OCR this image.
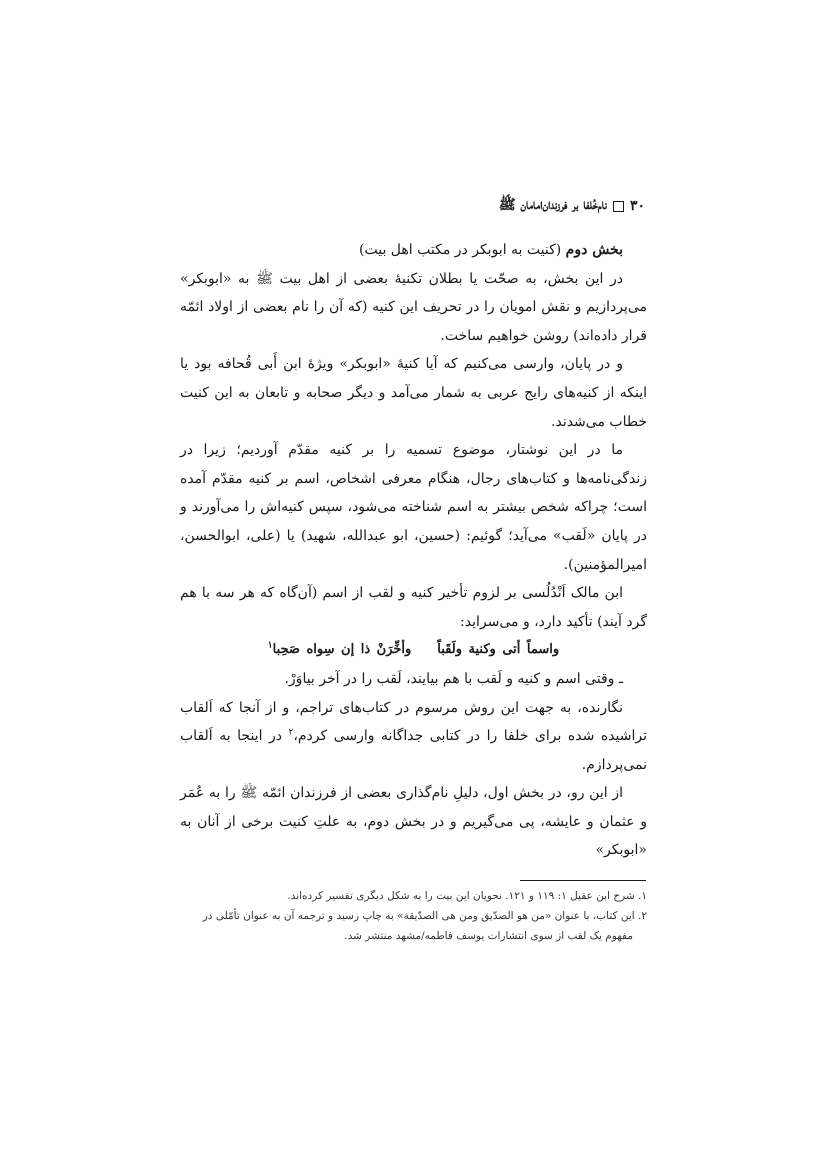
۳۰
نام‌خُلفا بر فرزندان‌امامان ﷺ

بخش دوم (کنیت به ابوبکر در مکتب اهل بیت)

در این بخش، به صحّت یا بطلان تکنیهٔ بعضی از اهل بیت ﷺ به «ابوبکر» می‌پردازیم و نقش امویان را در تحریف این کنیه (که آن را نام بعضی از اولاد ائمّه قرار داده‌اند) روشن خواهیم ساخت.

و در پایان، وارسی می‌کنیم که آیا کنیهٔ «ابوبکر» ویژهٔ ابن أَبی قُحافه بود یا اینکه از کنیه‌های رایج عربی به شمار می‌آمد و دیگر صحابه و تابعان به این کنیت خطاب می‌شدند.

ما در این نوشتار، موضوع تسمیه را بر کنیه مقدّم آوردیم؛ زیرا در زندگی‌نامه‌ها و کتاب‌های رجال، هنگام معرفی اشخاص، اسم بر کنیه مقدّم آمده است؛ چراکه شخص بیشتر به اسم شناخته می‌شود، سپس کنیه‌اش را می‌آورند و در پایان «لَقب» می‌آید؛ گوئیم: (حسین، ابو عبدالله، شهید) یا (علی، ابوالحسن، امیرالمؤمنین).

ابن مالک اَنْدُلُسی بر لزوم تأخیر کنیه و لقب از اسم (آن‌گاه که هر سه با هم گرد آیند) تأکید دارد، و می‌سراید:

واسماً أتی وکنیة ولَقَباًوأخِّرَنْ ذا إن سِواه صَحِبا$^۱$

ـ وقتی اسم و کنیه و لَقب با هم بیایند، لَقب را در آخر بیاوَرْ.

نگارنده، به جهت این روش مرسوم در کتاب‌های تراجم، و از آنجا که اَلقاب تراشیده شده برای خلفا را در کتابی جداگانه وارسی کردم،$^۲$ در اینجا به اَلقاب نمی‌پردازم.

از این رو، در بخش اول، دلیلِ نام‌گذاری بعضی از فرزندان ائمّه ﷺ را به عُمَر و عثمان و عایشه، پی می‌گیریم و در بخش دوم، به علتِ کنیت برخی از آنان به «ابوبکر»

۱. شرح ابن عقیل ۱: ۱۱۹ و ۱۲۱. نحویان این بیت را به شکل دیگری تفسیر کرده‌اند.

۲. این کتاب، با عنوان «من هو الصدّیق ومن هی الصدّیقة» به چاپ رسید و ترجمه آن به عنوان تأمّلی در

مفهوم یک لقب از سوی انتشارات یوسف فاطمه/مشهد منتشر شد.
